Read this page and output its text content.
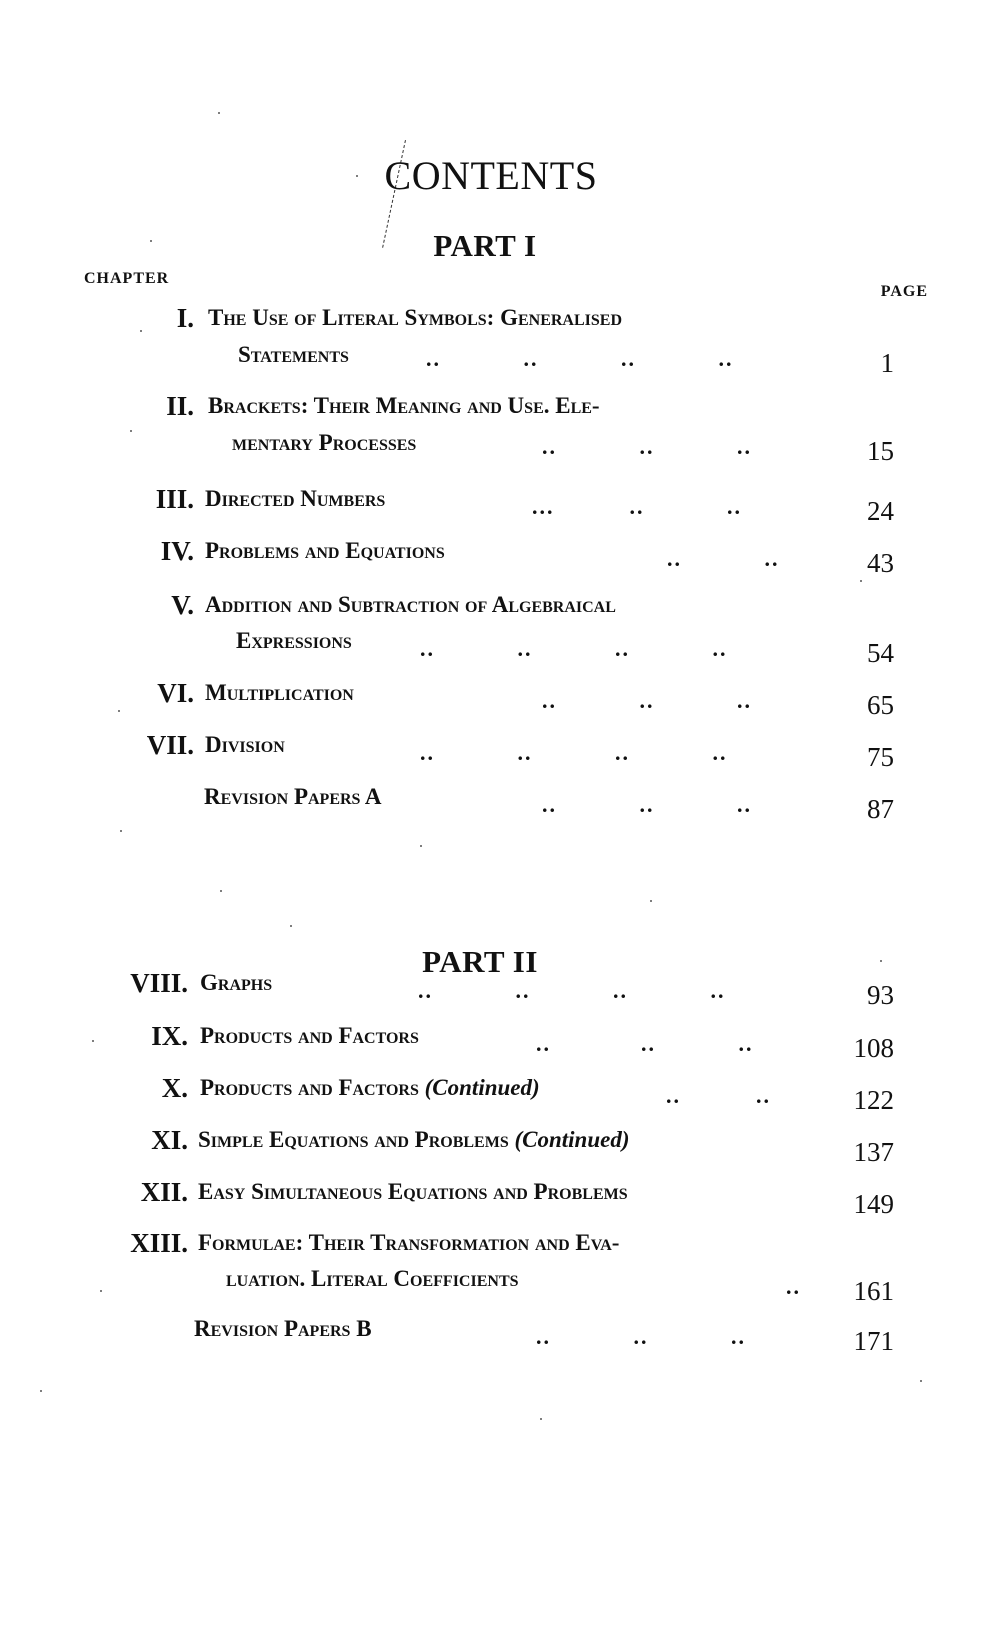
CONTENTS
PART I
CHAPTER
PAGE
I. The Use of Literal Symbols: Generalised
Statements	..           ..           ..           ..	1
II. Brackets: Their Meaning and Use. Ele-
mentary Processes	..           ..           ..	15
III. Directed Numbers	...          ..           ..	24
IV. Problems and Equations	..           ..	43
V. Addition and Subtraction of Algebraical
Expressions	..           ..           ..           ..	54
VI. Multiplication	..           ..           ..	65
VII. Division	..           ..           ..           ..	75
Revision Papers A	..           ..           ..	87
PART II
VIII. Graphs	..           ..           ..           ..	93
IX. Products and Factors	..            ..           ..	108
X. Products and Factors (Continued)	..          ..	122
XI. Simple Equations and Problems (Continued)	137
XII. Easy Simultaneous Equations and Problems	149
XIII. Formulae: Their Transformation and Eva-
luation. Literal Coefficients	..	161
Revision Papers B	..           ..           ..	171
